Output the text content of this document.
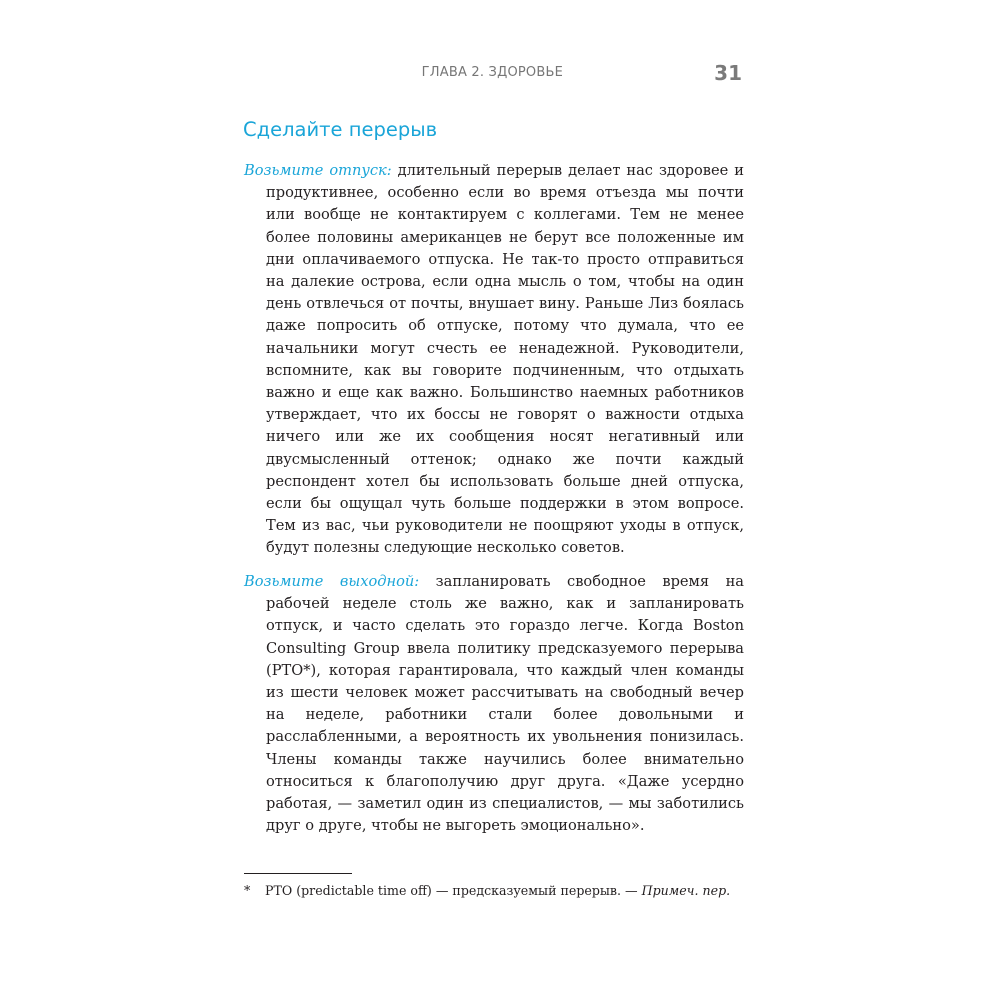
ГЛАВА 2. ЗДОРОВЬЕ	31
Сделайте перерыв

Возьмите отпуск: длительный перерыв делает нас здоровее и продуктивнее, особенно если во время отъезда мы почти или вообще не контактируем с коллегами. Тем не менее более половины американцев не берут все положенные им дни оплачиваемого отпуска. Не так-то просто отправиться на далекие острова, если одна мысль о том, чтобы на один день отвлечься от почты, внушает вину. Раньше Лиз боялась даже попросить об отпуске, потому что думала, что ее начальники могут счесть ее ненадежной. Руководители, вспомните, как вы говорите подчиненным, что отдыхать важно и еще как важно. Большинство наемных работников утверждает, что их боссы не говорят о важности отдыха ничего или же их сообщения носят негативный или двусмысленный оттенок; однако же почти каждый респондент хотел бы использовать больше дней отпуска, если бы ощущал чуть больше поддержки в этом вопросе. Тем из вас, чьи руководители не поощряют уходы в отпуск, будут полезны следующие несколько советов.

Возьмите выходной: запланировать свободное время на рабочей неделе столь же важно, как и запланировать отпуск, и часто сделать это гораздо легче. Когда Boston Consulting Group ввела политику предсказуемого перерыва (PTO*), которая гарантировала, что каждый член команды из шести человек может рассчитывать на свободный вечер на неделе, работники стали более довольными и расслабленными, а вероятность их увольнения понизилась. Члены команды также научились более внимательно относиться к благополучию друг друга. «Даже усердно работая, — заметил один из специалистов, — мы заботились друг о друге, чтобы не выгореть эмоционально».

* PTO (predictable time off) — предсказуемый перерыв. — Примеч. пер.
